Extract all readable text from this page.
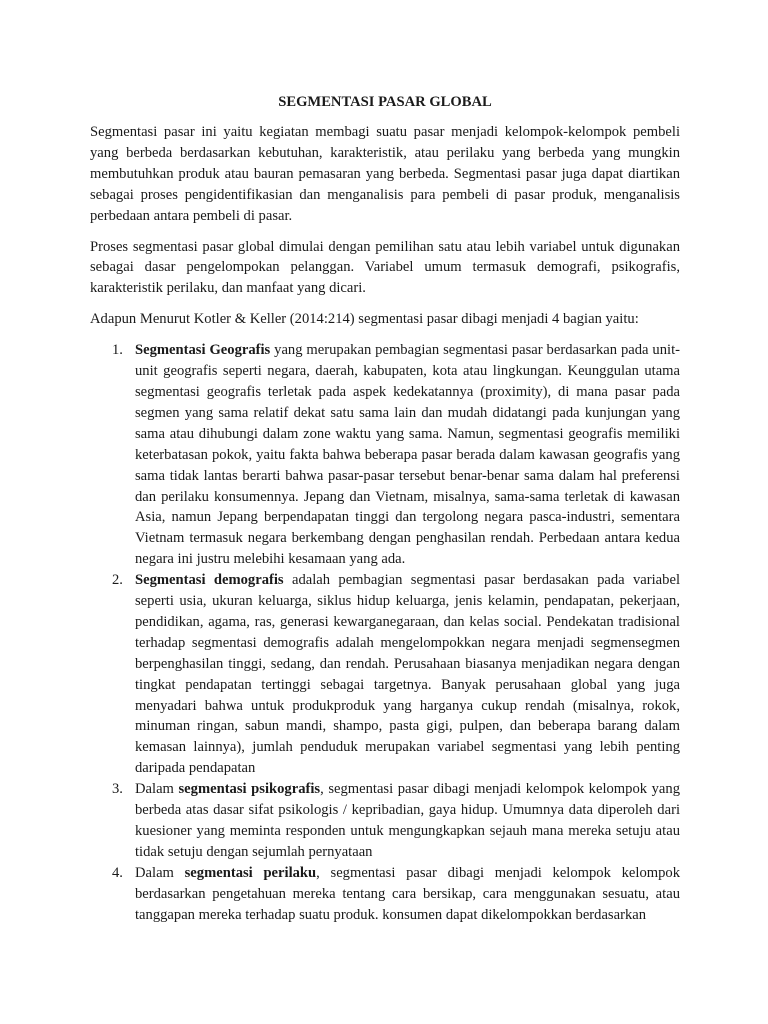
SEGMENTASI PASAR GLOBAL

Segmentasi pasar ini yaitu kegiatan membagi suatu pasar menjadi kelompok-kelompok pembeli yang berbeda berdasarkan kebutuhan, karakteristik, atau perilaku yang berbeda yang mungkin membutuhkan produk atau bauran pemasaran yang berbeda. Segmentasi pasar juga dapat diartikan sebagai proses pengidentifikasian dan menganalisis para pembeli di pasar produk, menganalisis perbedaan antara pembeli di pasar.

Proses segmentasi pasar global dimulai dengan pemilihan satu atau lebih variabel untuk digunakan sebagai dasar pengelompokan pelanggan. Variabel umum termasuk demografi, psikografis, karakteristik perilaku, dan manfaat yang dicari.

Adapun Menurut Kotler & Keller (2014:214) segmentasi pasar dibagi menjadi 4 bagian yaitu:

1. Segmentasi Geografis yang merupakan pembagian segmentasi pasar berdasarkan pada unit-unit geografis seperti negara, daerah, kabupaten, kota atau lingkungan. Keunggulan utama segmentasi geografis terletak pada aspek kedekatannya (proximity), di mana pasar pada segmen yang sama relatif dekat satu sama lain dan mudah didatangi pada kunjungan yang sama atau dihubungi dalam zone waktu yang sama. Namun, segmentasi geografis memiliki keterbatasan pokok, yaitu fakta bahwa beberapa pasar berada dalam kawasan geografis yang sama tidak lantas berarti bahwa pasar-pasar tersebut benar-benar sama dalam hal preferensi dan perilaku konsumennya. Jepang dan Vietnam, misalnya, sama-sama terletak di kawasan Asia, namun Jepang berpendapatan tinggi dan tergolong negara pasca-industri, sementara Vietnam termasuk negara berkembang dengan penghasilan rendah. Perbedaan antara kedua negara ini justru melebihi kesamaan yang ada.
2. Segmentasi demografis adalah pembagian segmentasi pasar berdasakan pada variabel seperti usia, ukuran keluarga, siklus hidup keluarga, jenis kelamin, pendapatan, pekerjaan, pendidikan, agama, ras, generasi kewarganegaraan, dan kelas social. Pendekatan tradisional terhadap segmentasi demografis adalah mengelompokkan negara menjadi segmensegmen berpenghasilan tinggi, sedang, dan rendah. Perusahaan biasanya menjadikan negara dengan tingkat pendapatan tertinggi sebagai targetnya. Banyak perusahaan global yang juga menyadari bahwa untuk produkproduk yang harganya cukup rendah (misalnya, rokok, minuman ringan, sabun mandi, shampo, pasta gigi, pulpen, dan beberapa barang dalam kemasan lainnya), jumlah penduduk merupakan variabel segmentasi yang lebih penting daripada pendapatan
3. Dalam segmentasi psikografis, segmentasi pasar dibagi menjadi kelompok kelompok yang berbeda atas dasar sifat psikologis / kepribadian, gaya hidup. Umumnya data diperoleh dari kuesioner yang meminta responden untuk mengungkapkan sejauh mana mereka setuju atau tidak setuju dengan sejumlah pernyataan
4. Dalam segmentasi perilaku, segmentasi pasar dibagi menjadi kelompok kelompok berdasarkan pengetahuan mereka tentang cara bersikap, cara menggunakan sesuatu, atau tanggapan mereka terhadap suatu produk. konsumen dapat dikelompokkan berdasarkan
